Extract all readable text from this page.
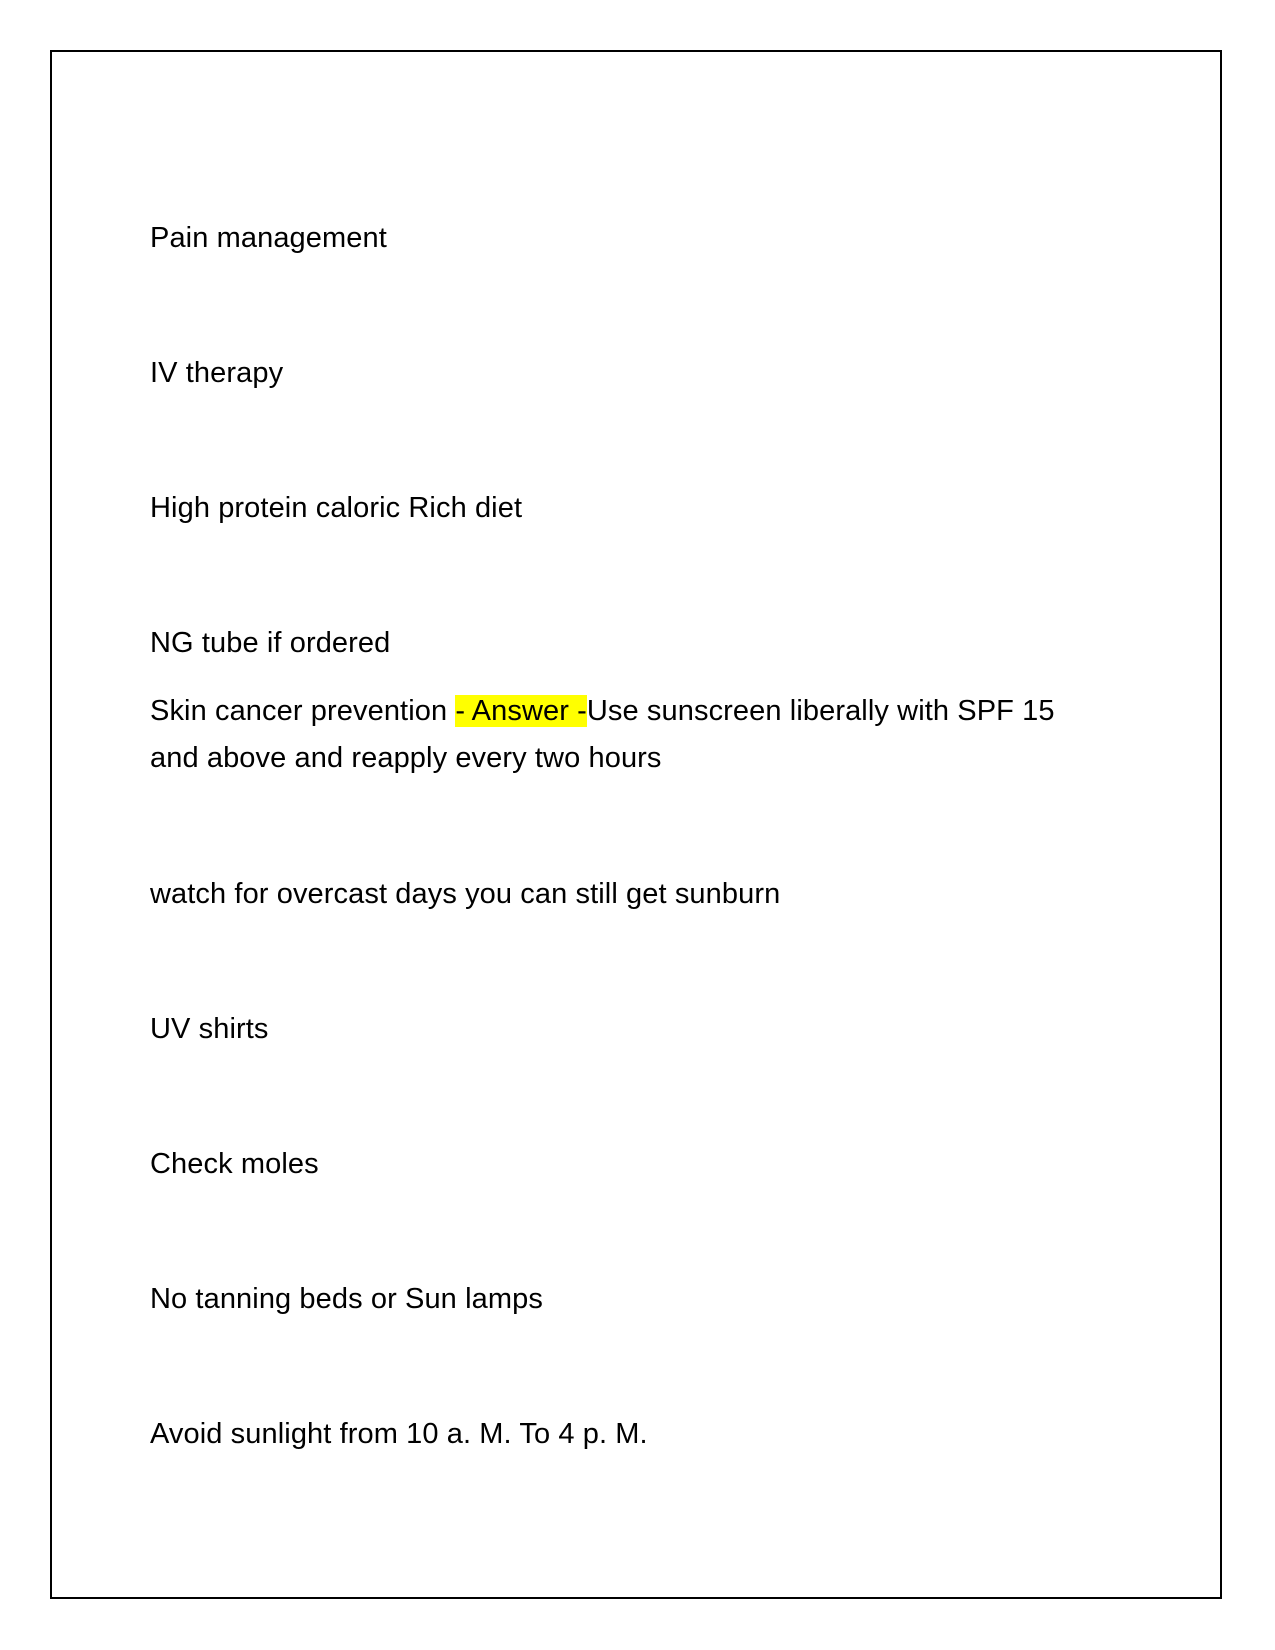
Pain management

IV therapy

High protein caloric Rich diet

NG tube if ordered

Skin cancer prevention - Answer -Use sunscreen liberally with SPF 15 and above and reapply every two hours

watch for overcast days you can still get sunburn

UV shirts

Check moles

No tanning beds or Sun lamps

Avoid sunlight from 10 a. M. To 4 p. M.
